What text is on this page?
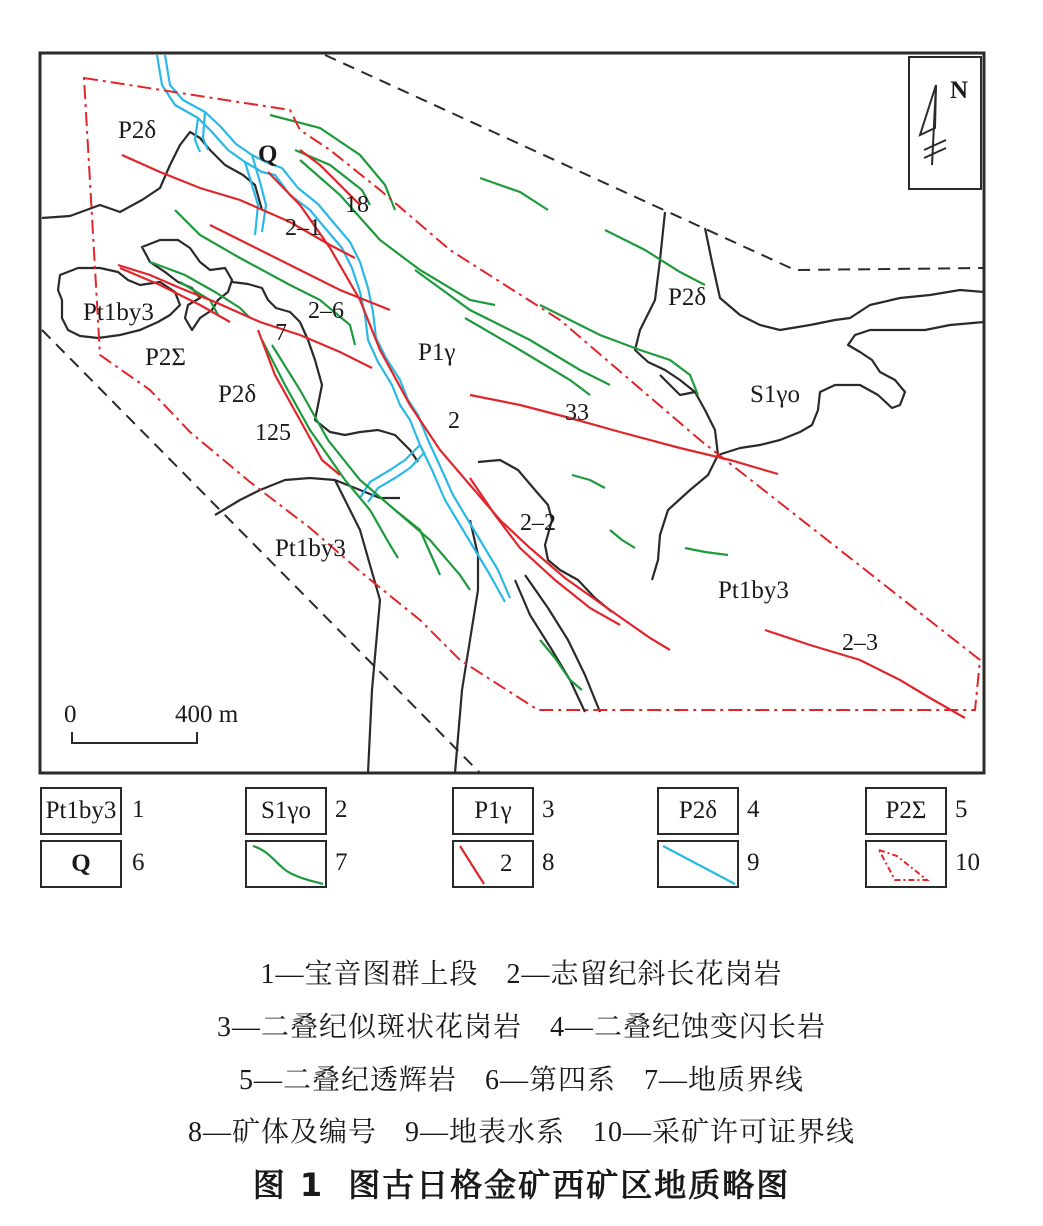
N
0	400 m
P2δ
Q
Pt1by3
P2Σ
P2δ
P1γ
P2δ
S1γo
Pt1by3
Pt1by3
18
2–1
2–6
7
125	2	33
2–2
2–3
Pt1by3 1	S1γo 2	P1γ 3	P2δ 4	P2Σ 5
Q 6	7	2 8	9	10
1—宝音图群上段 2—志留纪斜长花岗岩
3—二叠纪似斑状花岗岩 4—二叠纪蚀变闪长岩
5—二叠纪透辉岩 6—第四系 7—地质界线
8—矿体及编号 9—地表水系 10—采矿许可证界线
图 1 图古日格金矿西矿区地质略图
